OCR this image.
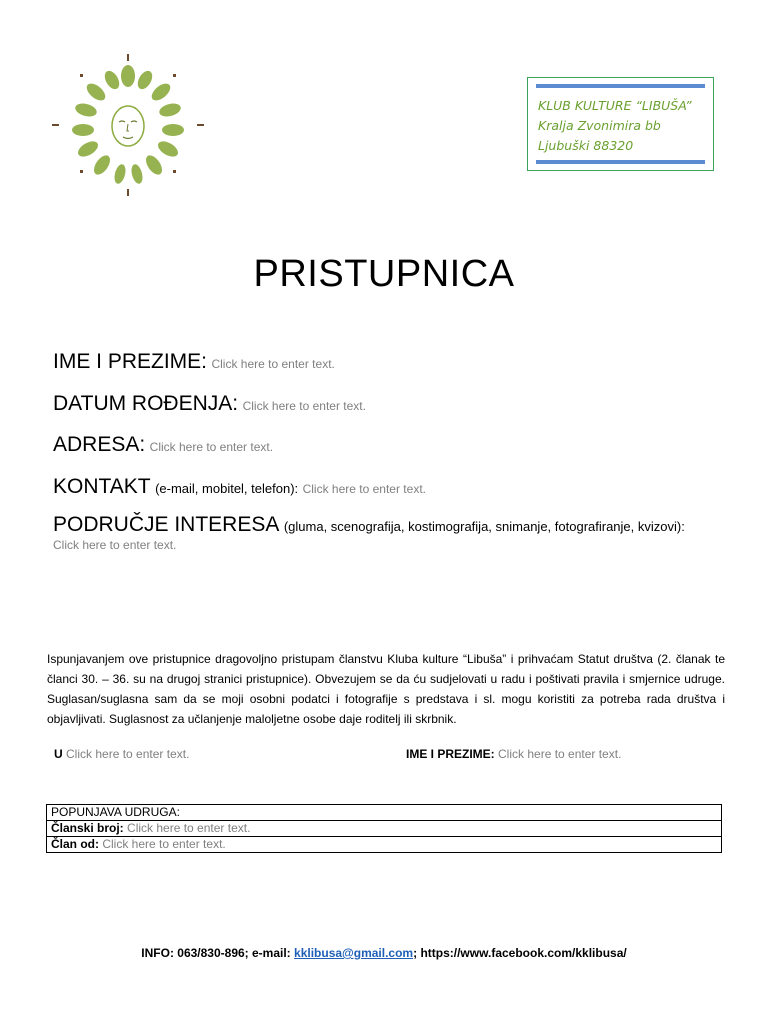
KLUB KULTURE “LIBUŠA”
Kralja Zvonimira bb
Ljubuški 88320
PRISTUPNICA
IME I PREZIME: Click here to enter text.
DATUM ROĐENJA: Click here to enter text.
ADRESA: Click here to enter text.
KONTAKT (e-mail, mobitel, telefon): Click here to enter text.
PODRUČJE INTERESA (gluma, scenografija, kostimografija, snimanje, fotografiranje, kvizovi):
Click here to enter text.
Ispunjavanjem ove pristupnice dragovoljno pristupam članstvu Kluba kulture “Libuša” i prihvaćam Statut društva (2. članak te članci 30. – 36. su na drugoj stranici pristupnice). Obvezujem se da ću sudjelovati u radu i poštivati pravila i smjernice udruge. Suglasan/suglasna sam da se moji osobni podatci i fotografije s predstava i sl. mogu koristiti za potreba rada društva i objavljivati. Suglasnost za učlanjenje maloljetne osobe daje roditelj ili skrbnik.
U Click here to enter text.	IME I PREZIME: Click here to enter text.
POPUNJAVA UDRUGA:
Članski broj: Click here to enter text.
Član od: Click here to enter text.
INFO: 063/830-896; e-mail: kklibusa@gmail.com; https://www.facebook.com/kklibusa/
